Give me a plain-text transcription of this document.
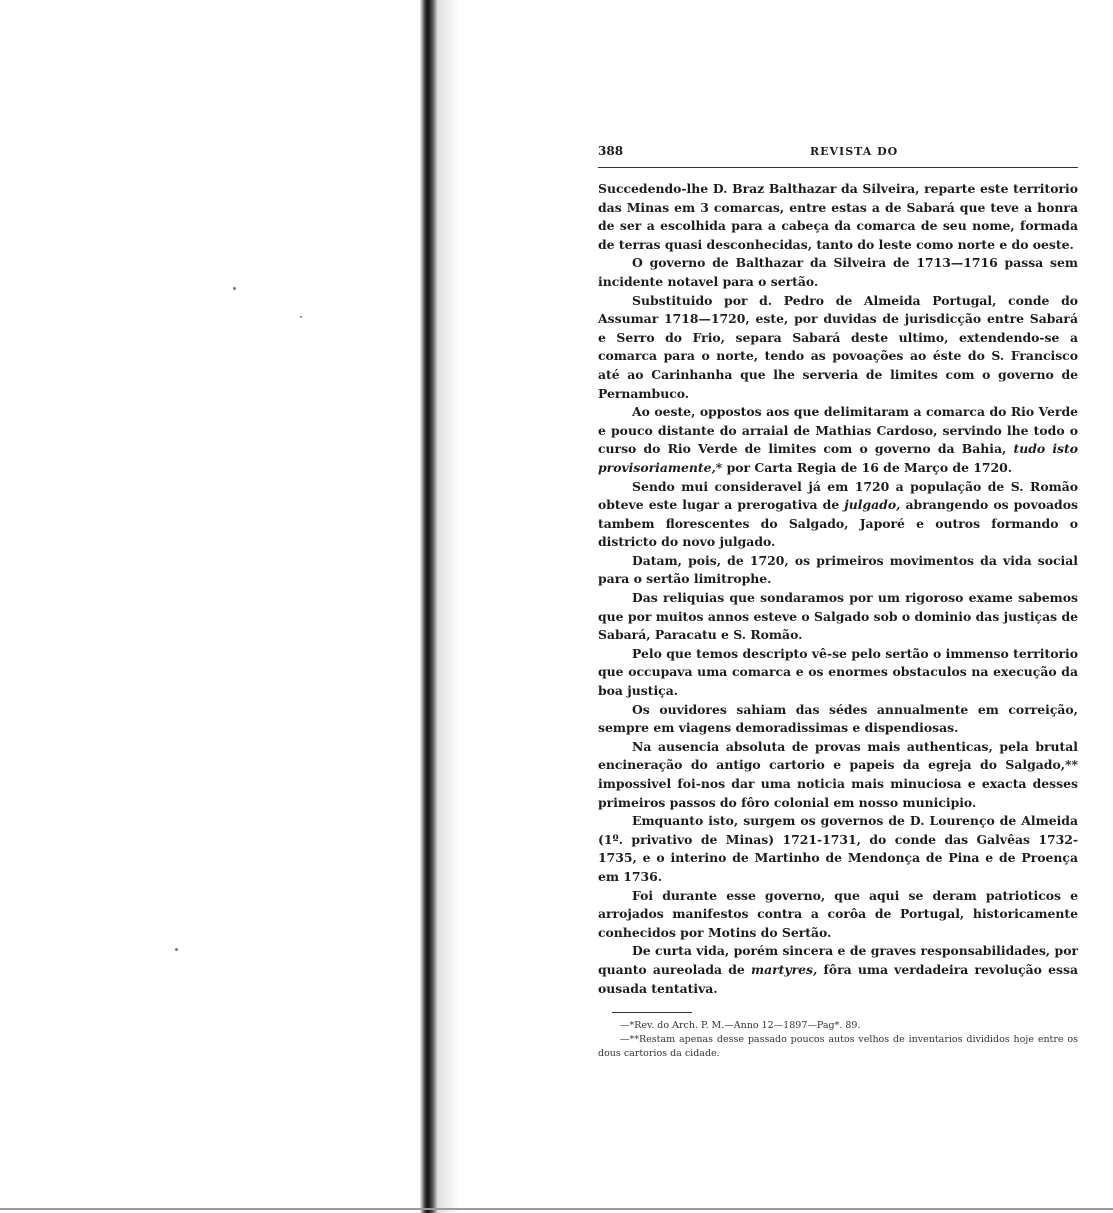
388	REVISTA DO

Succedendo-lhe D. Braz Balthazar da Silveira, reparte este territorio das Minas em 3 comarcas, entre estas a de Sabará que teve a honra de ser a escolhida para a cabeça da comarca de seu nome, formada de terras quasi desconhecidas, tanto do leste como norte e do oeste.

O governo de Balthazar da Silveira de 1713—1716 passa sem incidente notavel para o sertão.

Substituido por d. Pedro de Almeida Portugal, conde do Assumar 1718—1720, este, por duvidas de jurisdicção entre Sabará e Serro do Frio, separa Sabará deste ultimo, extendendo-se a comarca para o norte, tendo as povoações ao éste do S. Francisco até ao Carinhanha que lhe serveria de limites com o governo de Pernambuco.

Ao oeste, oppostos aos que delimitaram a comarca do Rio Verde e pouco distante do arraial de Mathias Cardoso, servindo lhe todo o curso do Rio Verde de limites com o governo da Bahia, tudo isto provisoriamente,* por Carta Regia de 16 de Março de 1720.

Sendo mui consideravel já em 1720 a população de S. Romão obteve este lugar a prerogativa de julgado, abrangendo os povoados tambem florescentes do Salgado, Japoré e outros formando o districto do novo julgado.

Datam, pois, de 1720, os primeiros movimentos da vida social para o sertão limitrophe.

Das reliquias que sondaramos por um rigoroso exame sabemos que por muitos annos esteve o Salgado sob o dominio das justiças de Sabará, Paracatu e S. Romão.

Pelo que temos descripto vê-se pelo sertão o immenso territorio que occupava uma comarca e os enormes obstaculos na execução da boa justiça.

Os ouvidores sahiam das sédes annualmente em correição, sempre em viagens demoradissimas e dispendiosas.

Na ausencia absoluta de provas mais authenticas, pela brutal encineração do antigo cartorio e papeis da egreja do Salgado,** impossivel foi-nos dar uma noticia mais minuciosa e exacta desses primeiros passos do fôro colonial em nosso municipio.

Emquanto isto, surgem os governos de D. Lourenço de Almeida (1º. privativo de Minas) 1721-1731, do conde das Galvêas 1732-1735, e o interino de Martinho de Mendonça de Pina e de Proença em 1736.

Foi durante esse governo, que aqui se deram patrioticos e arrojados manifestos contra a corôa de Portugal, historicamente conhecidos por Motins do Sertão.

De curta vida, porém sincera e de graves responsabilidades, por quanto aureolada de martyres, fôra uma verdadeira revolução essa ousada tentativa.

—*Rev. do Arch. P. M.—Anno 12—1897—Pag*. 89.

—**Restam apenas desse passado poucos autos velhos de inventarios divididos hoje entre os dous cartorios da cidade.
